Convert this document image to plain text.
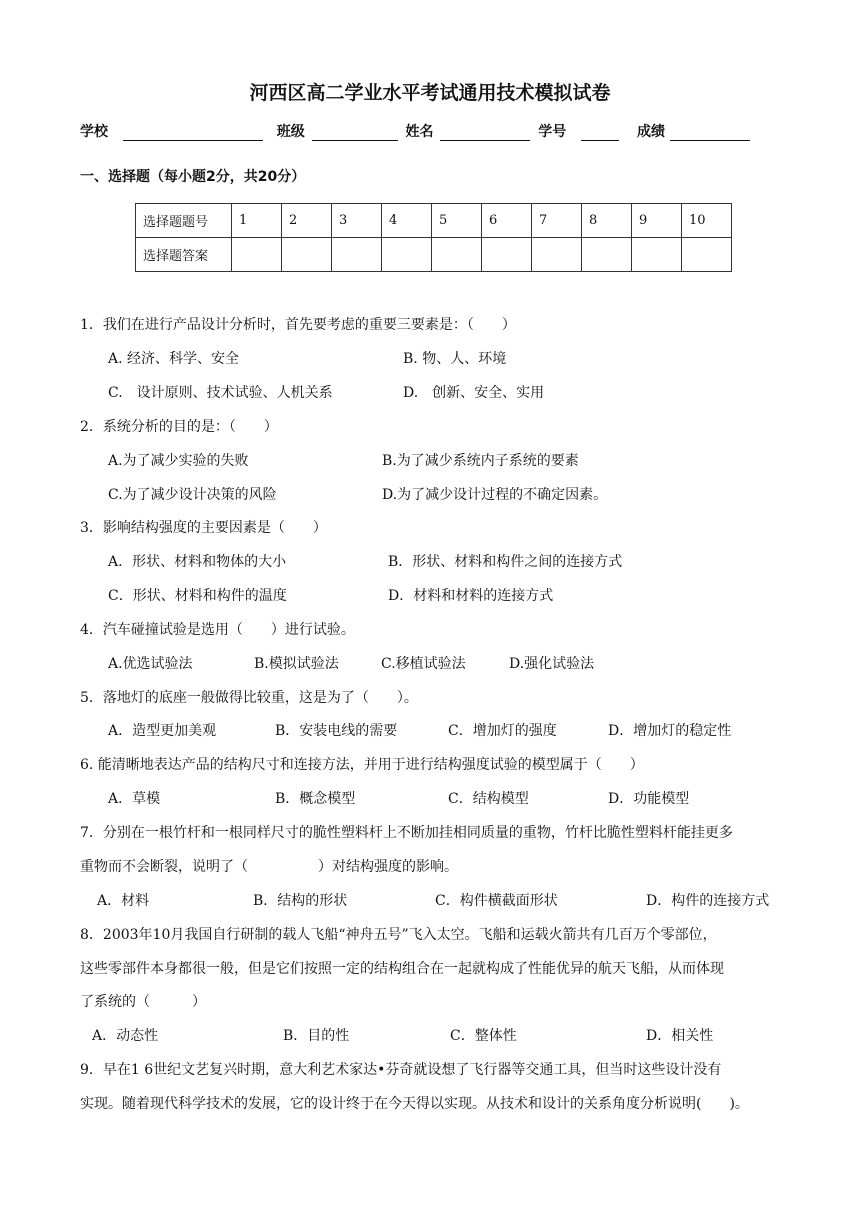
河西区高二学业水平考试通用技术模拟试卷
学校	班级	姓名	学号	成绩
一、选择题（每小题2分，共20分）
选择题题号	1	2	3	4	5	6	7	8	9	10
选择题答案										
1．我们在进行产品设计分析时，首先要考虑的重要三要素是：（　　）
A. 经济、科学、安全	B. 物、人、环境
C.　设计原则、技术试验、人机关系	D.　创新、安全、实用
2．系统分析的目的是：（　　）
A.为了减少实验的失败	B.为了减少系统内子系统的要素
C.为了减少设计决策的风险	D.为了减少设计过程的不确定因素。
3．影响结构强度的主要因素是（　　）
A．形状、材料和物体的大小	B．形状、材料和构件之间的连接方式
C．形状、材料和构件的温度	D．材料和材料的连接方式
4．汽车碰撞试验是选用（　　）进行试验。
A.优选试验法	B.模拟试验法	C.移植试验法	D.强化试验法
5．落地灯的底座一般做得比较重，这是为了（　　）。
A．造型更加美观	B．安装电线的需要	C．增加灯的强度	D．增加灯的稳定性
6. 能清晰地表达产品的结构尺寸和连接方法，并用于进行结构强度试验的模型属于（　　）
A．草模	B．概念模型	C．结构模型	D．功能模型
7．分别在一根竹杆和一根同样尺寸的脆性塑料杆上不断加挂相同质量的重物，竹杆比脆性塑料杆能挂更多
重物而不会断裂，说明了（　　　　　）对结构强度的影响。
A．材料	B．结构的形状	C．构件横截面形状	D．构件的连接方式
8．2003年10月我国自行研制的载人飞船“神舟五号”飞入太空。飞船和运载火箭共有几百万个零部位，
这些零部件本身都很一般，但是它们按照一定的结构组合在一起就构成了性能优异的航天飞船，从而体现
了系统的（　　　）
A．动态性	B．目的性	C．整体性	D．相关性
9．早在1 6世纪文艺复兴时期，意大利艺术家达•芬奇就设想了飞行器等交通工具，但当时这些设计没有
实现。随着现代科学技术的发展，它的设计终于在今天得以实现。从技术和设计的关系角度分析说明(　　)。
